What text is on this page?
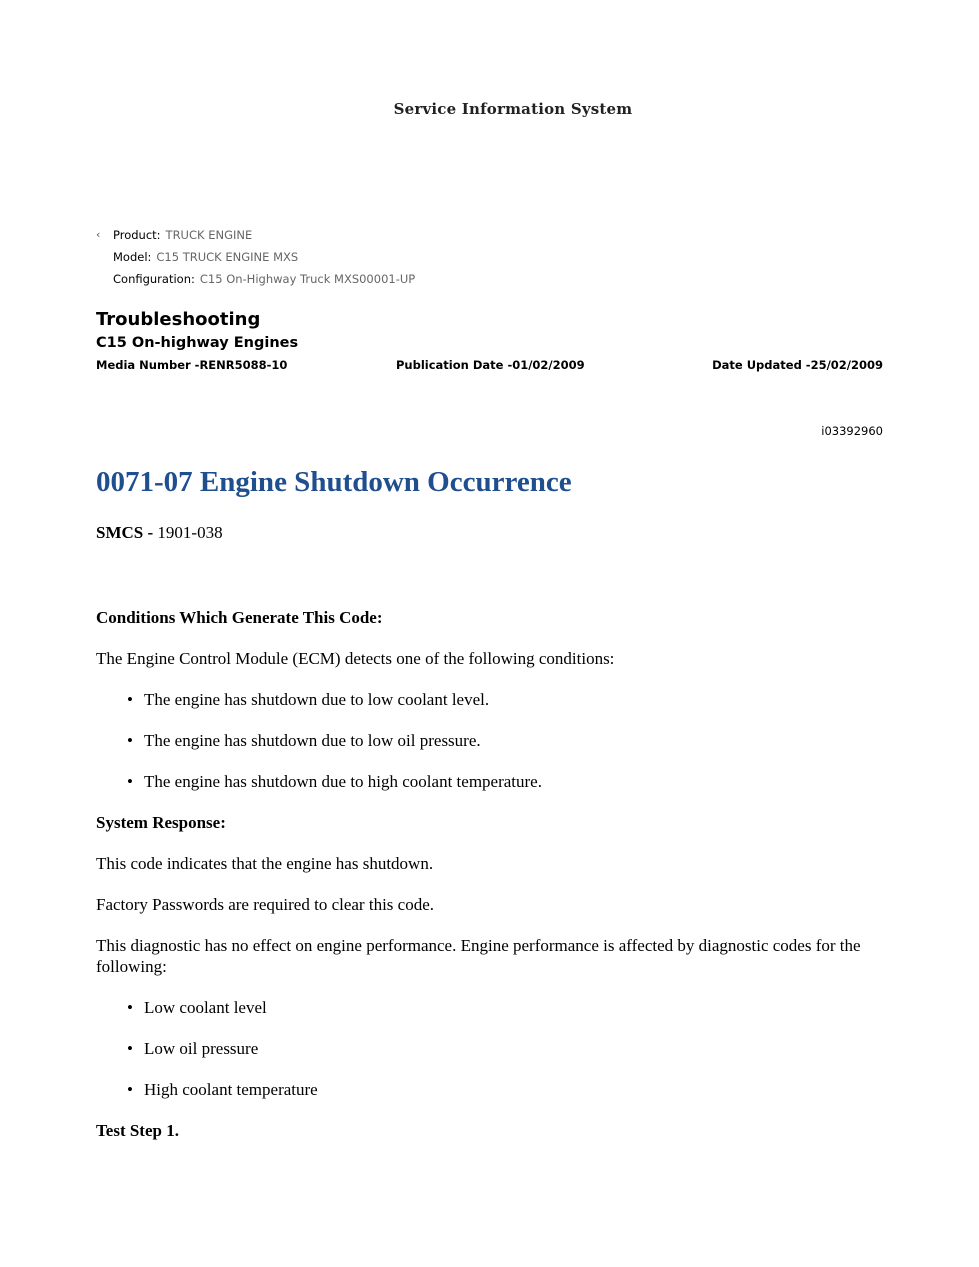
Service Information System
‹ Product: TRUCK ENGINE
Model: C15 TRUCK ENGINE MXS
Configuration: C15 On-Highway Truck MXS00001-UP
Troubleshooting
C15 On-highway Engines
Media Number -RENR5088-10	Publication Date -01/02/2009	Date Updated -25/02/2009
i03392960
0071-07 Engine Shutdown Occurrence

SMCS - 1901-038

Conditions Which Generate This Code:

The Engine Control Module (ECM) detects one of the following conditions:

• The engine has shutdown due to low coolant level.
• The engine has shutdown due to low oil pressure.
• The engine has shutdown due to high coolant temperature.

System Response:

This code indicates that the engine has shutdown.

Factory Passwords are required to clear this code.

This diagnostic has no effect on engine performance. Engine performance is affected by diagnostic codes for the following:

• Low coolant level
• Low oil pressure
• High coolant temperature

Test Step 1.
